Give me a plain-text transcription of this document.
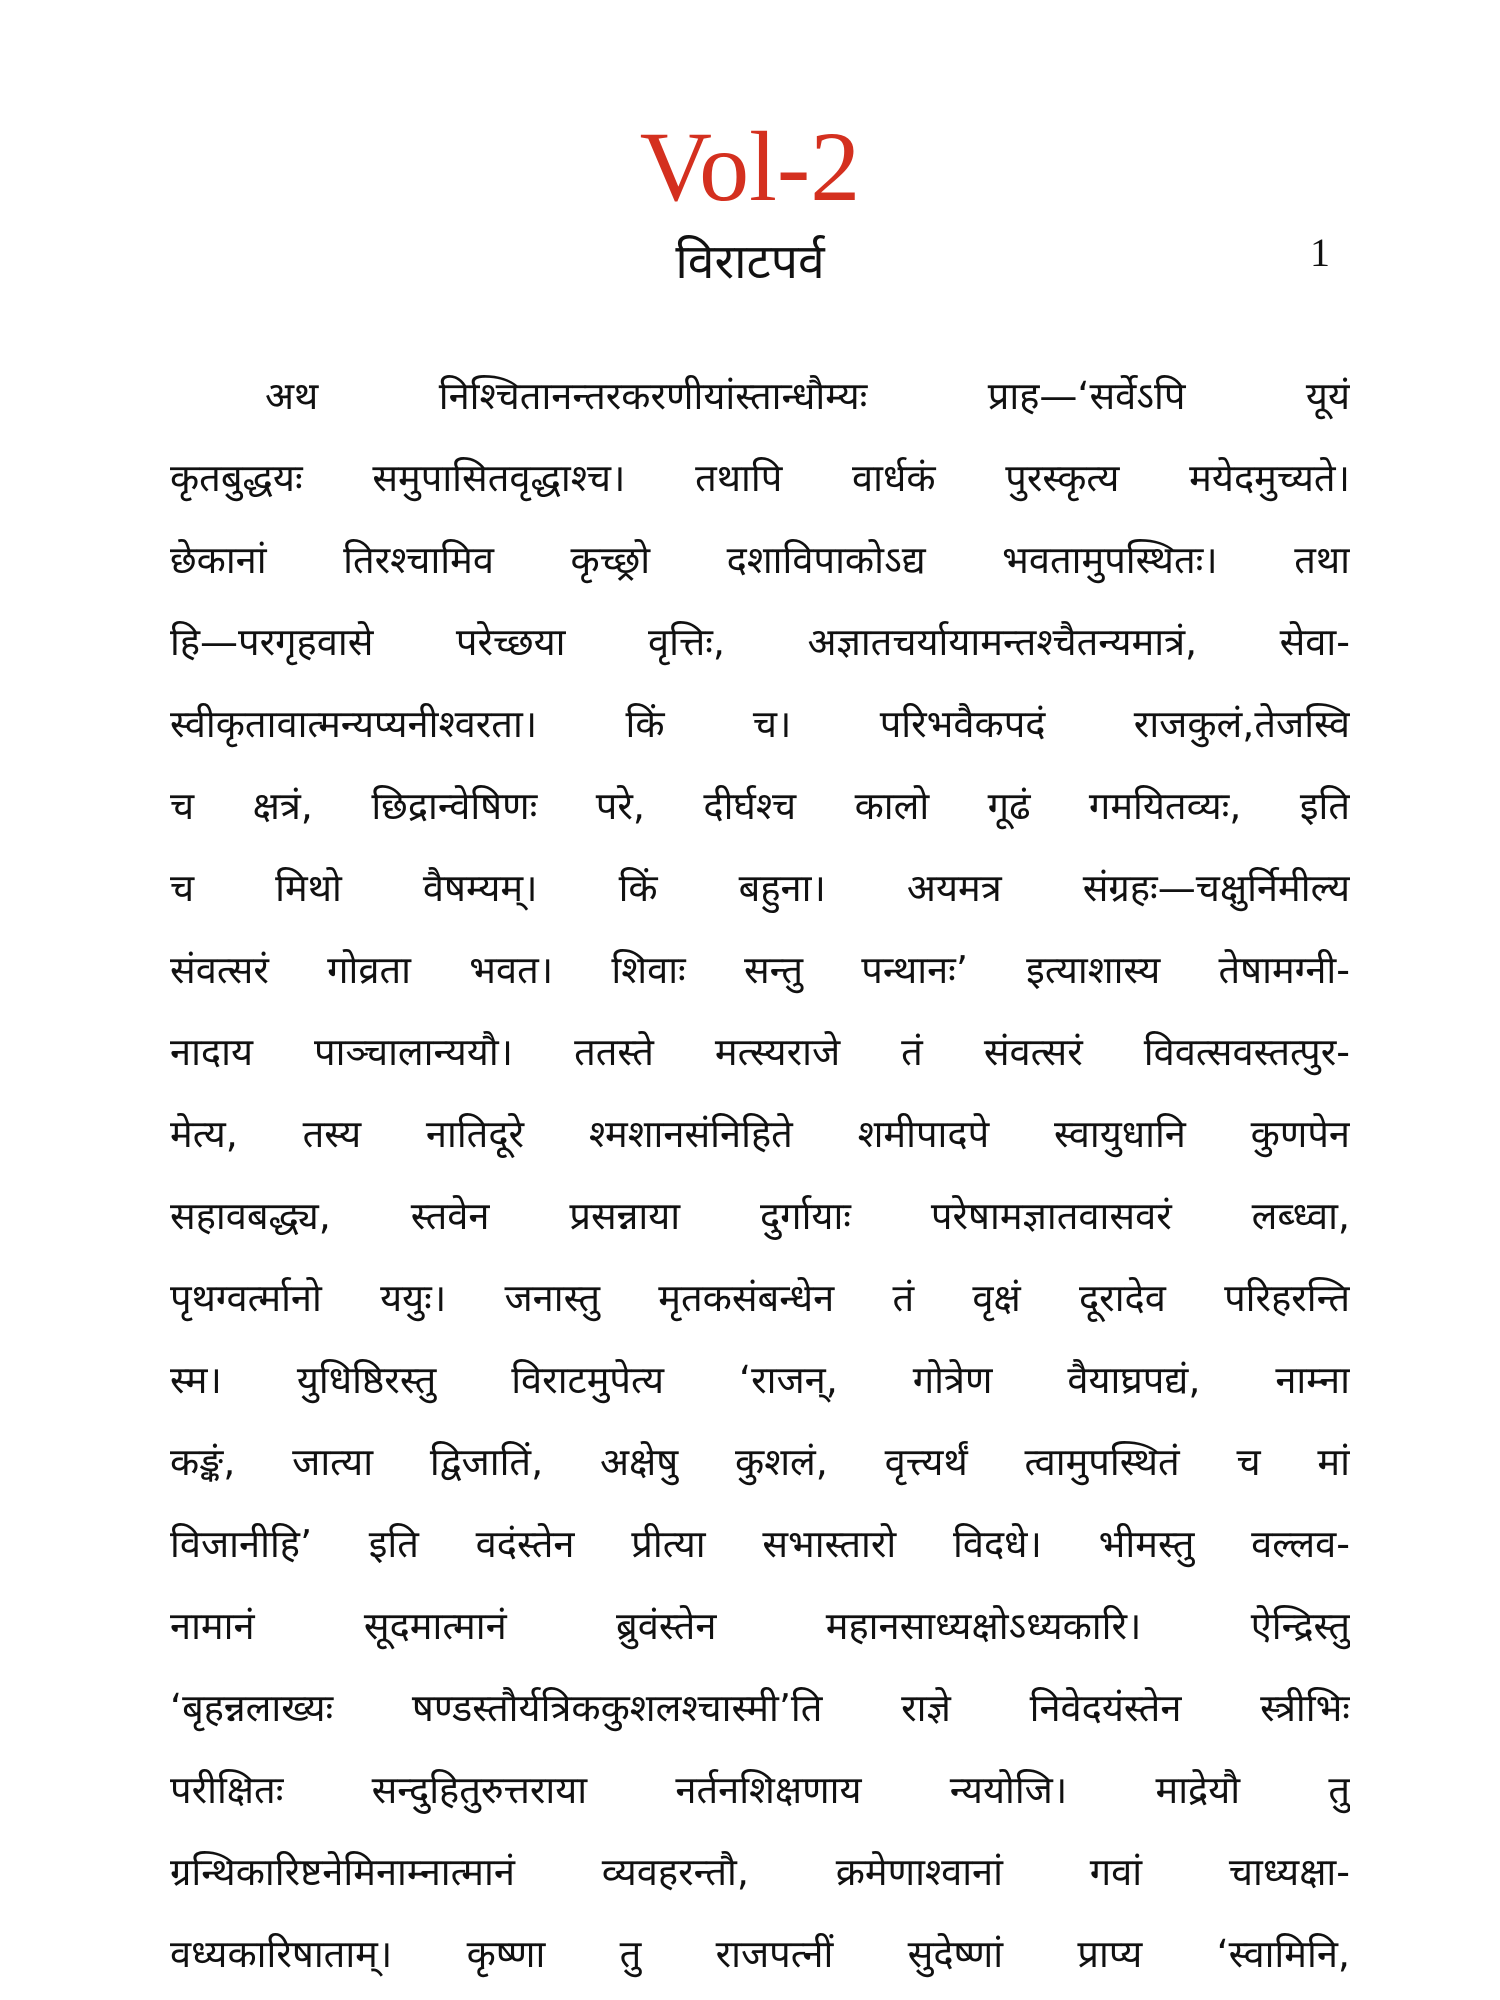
Vol-2
विराटपर्व	1
अथ निश्चितानन्तरकरणीयांस्तान्धौम्यः प्राह—‘सर्वेऽपि यूयं
कृतबुद्धयः समुपासितवृद्धाश्च। तथापि वार्धकं पुरस्कृत्य मयेदमुच्यते।
छेकानां तिरश्चामिव कृच्छ्रो दशाविपाकोऽद्य भवतामुपस्थितः। तथा
हि—परगृहवासे परेच्छया वृत्तिः, अज्ञातचर्यायामन्तश्चैतन्यमात्रं, सेवा-
स्वीकृतावात्मन्यप्यनीश्वरता। किं च। परिभवैकपदं राजकुलं,तेजस्वि
च क्षत्रं, छिद्रान्वेषिणः परे, दीर्घश्च कालो गूढं गमयितव्यः, इति
च मिथो वैषम्यम्। किं बहुना। अयमत्र संग्रहः—चक्षुर्निमील्य
संवत्सरं गोव्रता भवत। शिवाः सन्तु पन्थानः’ इत्याशास्य तेषामग्नी-
नादाय पाञ्चालान्ययौ। ततस्ते मत्स्यराजे तं संवत्सरं विवत्सवस्तत्पुर-
मेत्य, तस्य नातिदूरे श्मशानसंनिहिते शमीपादपे स्वायुधानि कुणपेन
सहावबद्ध्य, स्तवेन प्रसन्नाया दुर्गायाः परेषामज्ञातवासवरं लब्ध्वा,
पृथग्वर्त्मानो ययुः। जनास्तु मृतकसंबन्धेन तं वृक्षं दूरादेव परिहरन्ति
स्म। युधिष्ठिरस्तु विराटमुपेत्य ‘राजन्, गोत्रेण वैयाघ्रपद्यं, नाम्ना
कङ्कं, जात्या द्विजातिं, अक्षेषु कुशलं, वृत्त्यर्थं त्वामुपस्थितं च मां
विजानीहि’ इति वदंस्तेन प्रीत्या सभास्तारो विदधे। भीमस्तु वल्लव-
नामानं सूदमात्मानं ब्रुवंस्तेन महानसाध्यक्षोऽध्यकारि। ऐन्द्रिस्तु
‘बृहन्नलाख्यः षण्डस्तौर्यत्रिककुशलश्चास्मी’ति राज्ञे निवेदयंस्तेन स्त्रीभिः
परीक्षितः सन्दुहितुरुत्तराया नर्तनशिक्षणाय न्ययोजि। माद्रेयौ तु
ग्रन्थिकारिष्टनेमिनाम्नात्मानं व्यवहरन्तौ, क्रमेणाश्वानां गवां चाध्यक्षा-
वध्यकारिषाताम्। कृष्णा तु राजपत्नीं सुदेष्णां प्राप्य ‘स्वामिनि,
